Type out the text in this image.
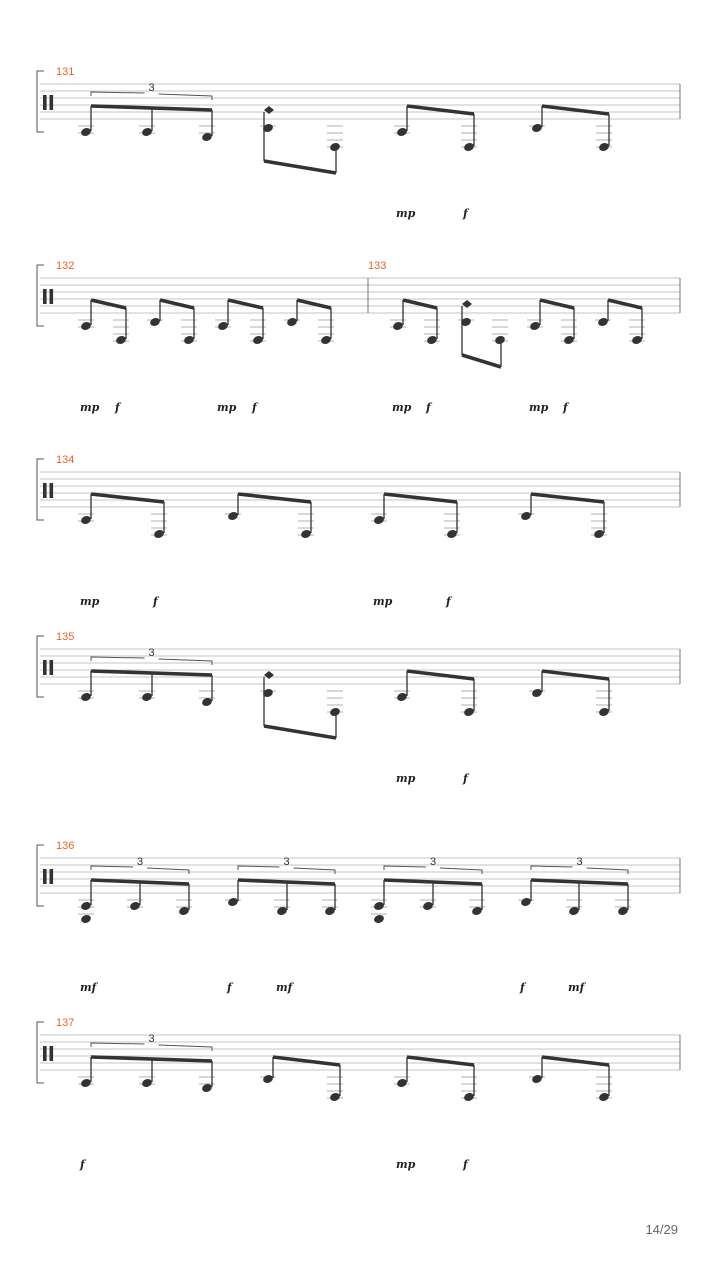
131
3
mp	f
132
mp f	mp f
133
mp f	mp f
134
mp	f	mp	f
135
3
mp	f
136
3	3	3	3
mf	f	mf	f	mf
137
3
f	mp	f
14/29
